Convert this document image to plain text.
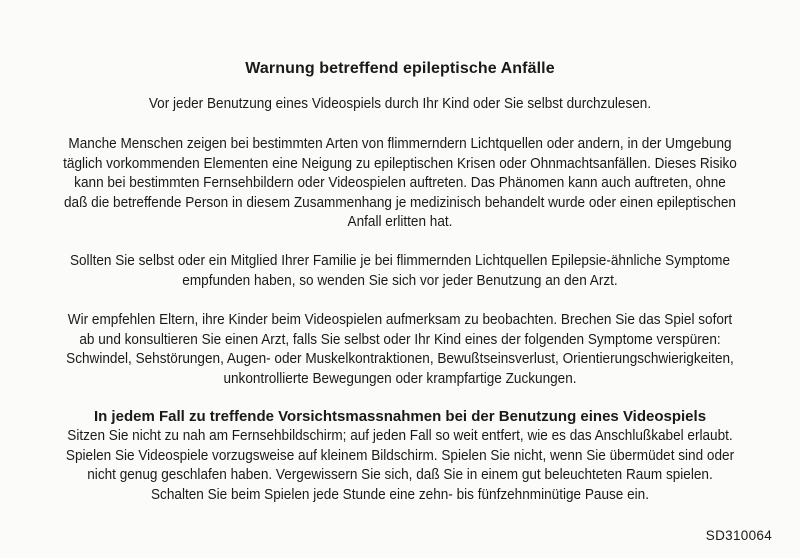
Warnung betreffend epileptische Anfälle
Vor jeder Benutzung eines Videospiels durch Ihr Kind oder Sie selbst durchzulesen.
Manche Menschen zeigen bei bestimmten Arten von flimmerndern Lichtquellen oder andern, in der Umgebung
täglich vorkommenden Elementen eine Neigung zu epileptischen Krisen oder Ohnmachtsanfällen. Dieses Risiko
kann bei bestimmten Fernsehbildern oder Videospielen auftreten. Das Phänomen kann auch auftreten, ohne
daß die betreffende Person in diesem Zusammenhang je medizinisch behandelt wurde oder einen epileptischen
Anfall erlitten hat.
Sollten Sie selbst oder ein Mitglied Ihrer Familie je bei flimmernden Lichtquellen Epilepsie-ähnliche Symptome
empfunden haben, so wenden Sie sich vor jeder Benutzung an den Arzt.
Wir empfehlen Eltern, ihre Kinder beim Videospielen aufmerksam zu beobachten. Brechen Sie das Spiel sofort
ab und konsultieren Sie einen Arzt, falls Sie selbst oder Ihr Kind eines der folgenden Symptome verspüren:
Schwindel, Sehstörungen, Augen- oder Muskelkontraktionen, Bewußtseinsverlust, Orientierungschwierigkeiten,
unkontrollierte Bewegungen oder krampfartige Zuckungen.
In jedem Fall zu treffende Vorsichtsmassnahmen bei der Benutzung eines Videospiels
Sitzen Sie nicht zu nah am Fernsehbildschirm; auf jeden Fall so weit entfert, wie es das Anschlußkabel erlaubt.
Spielen Sie Videospiele vorzugsweise auf kleinem Bildschirm. Spielen Sie nicht, wenn Sie übermüdet sind oder
nicht genug geschlafen haben. Vergewissern Sie sich, daß Sie in einem gut beleuchteten Raum spielen.
Schalten Sie beim Spielen jede Stunde eine zehn- bis fünfzehnminütige Pause ein.
SD310064
